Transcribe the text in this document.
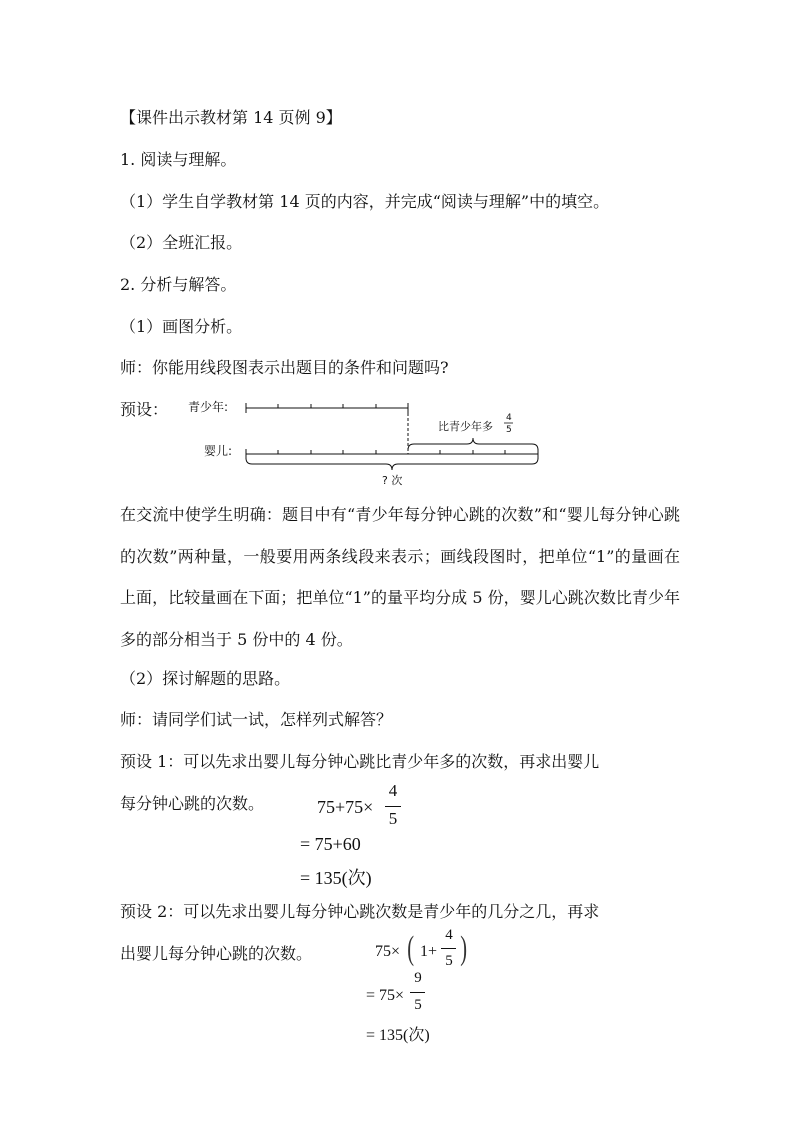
【课件出示教材第 14 页例 9】
1. 阅读与理解。
（1）学生自学教材第 14 页的内容，并完成“阅读与理解”中的填空。
（2）全班汇报。
2. 分析与解答。
（1）画图分析。
师：你能用线段图表示出题目的条件和问题吗?
预设： 青少年:
婴儿:
比青少年多
4
5
? 次
在交流中使学生明确：题目中有“青少年每分钟心跳的次数”和“婴儿每分钟心跳的次数”两种量，一般要用两条线段来表示；画线段图时，把单位“1”的量画在上面，比较量画在下面；把单位“1”的量平均分成 5 份，婴儿心跳次数比青少年多的部分相当于 5 份中的 4 份。
（2）探讨解题的思路。
师：请同学们试一试，怎样列式解答？
预设 1：可以先求出婴儿每分钟心跳比青少年多的次数，再求出婴儿
每分钟心跳的次数。	75+75×
4
5
= 75+60
= 135(次)
预设 2：可以先求出婴儿每分钟心跳次数是青少年的几分之几，再求
出婴儿每分钟心跳的次数。	75× ( 1+
4
5 )
= 75×
9
5
= 135(次)
